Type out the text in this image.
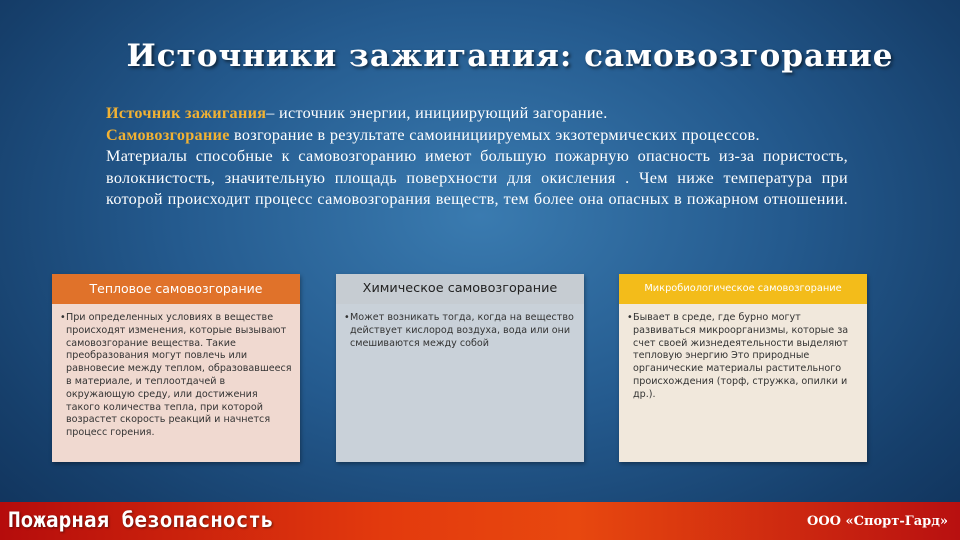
Источники зажигания: самовозгорание

Источник зажигания– источник энергии, инициирующий загорание.

Самовозгорание возгорание в результате самоинициируемых экзотермических процессов.

Материалы способные к самовозгоранию имеют большую пожарную опасность из-за пористость, волокнистость, значительную площадь поверхности для окисления . Чем ниже температура при которой происходит процесс самовозгорания веществ, тем более она опасных в пожарном отношении.

Тепловое самовозгорание
• При определенных условиях в веществе происходят изменения, которые вызывают самовозгорание вещества. Такие преобразования могут повлечь или равновесие между теплом, образовавшееся в материале, и теплоотдачей в окружающую среду, или достижения такого количества тепла, при которой возрастет скорость реакций и начнется процесс горения.
Химическое самовозгорание
• Может возникать тогда, когда на вещество действует кислород воздуха, вода или они смешиваются между собой
Микробиологическое самовозгорание
• Бывает в среде, где бурно могут развиваться микроорганизмы, которые за счет своей жизнедеятельности выделяют тепловую энергию Это природные органические материалы растительного происхождения (торф, стружка, опилки и др.).
Пожарная безопасность	ООО «Спорт-Гард»
